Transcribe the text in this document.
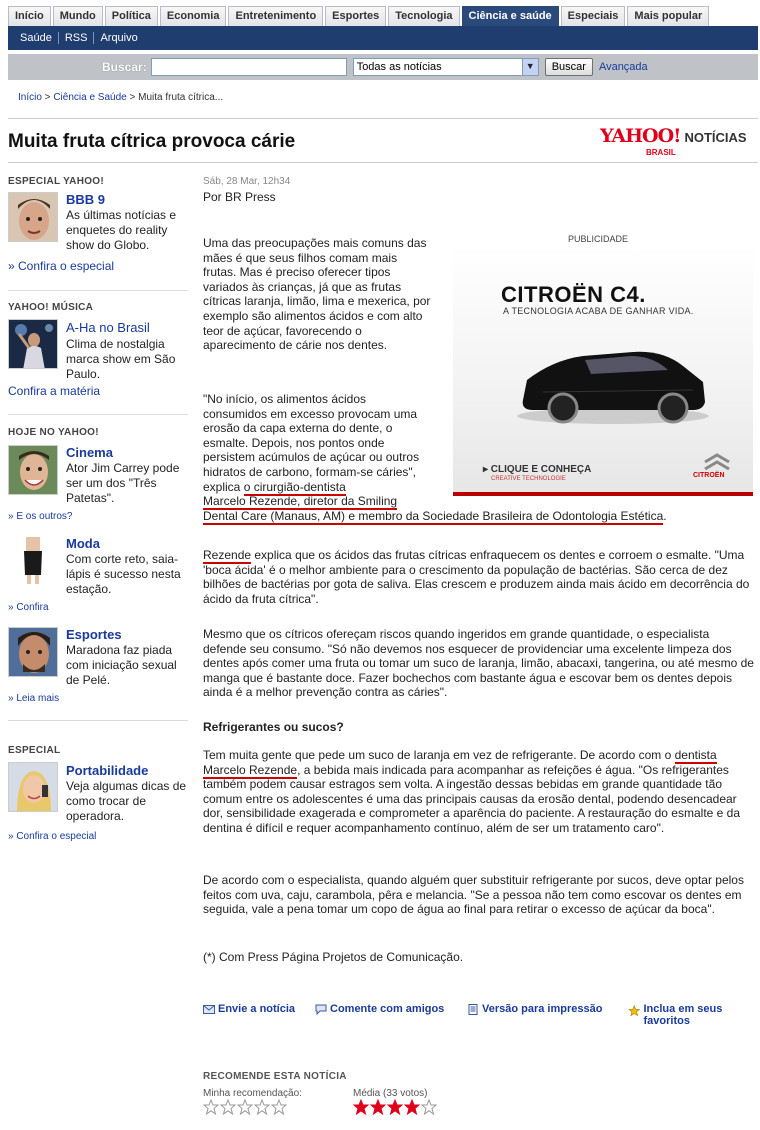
Início	Mundo	Política	Economia	Entretenimento	Esportes	Tecnologia	Ciência e saúde	Especiais	Mais popular
Saúde	RSS	Arquivo
Buscar:	Todas as notícias	▼	Buscar	Avançada
Início > Ciência e Saúde > Muita fruta cítrica...
Muita fruta cítrica provoca cárie	YAHOO!
BRASIL
NOTÍCIAS
ESPECIAL YAHOO!
BBB 9
As últimas notícias e enquetes do reality show do Globo.
» Confira o especial
YAHOO! MÚSICA
A-Ha no Brasil
Clima de nostalgia marca show em São Paulo.
Confira a matéria
HOJE NO YAHOO!
Cinema
Ator Jim Carrey pode ser um dos "Três Patetas".
» E os outros?
Moda
Com corte reto, saia-lápis é sucesso nesta estação.
» Confira
Esportes
Maradona faz piada com iniciação sexual de Pelé.
» Leia mais
ESPECIAL
Portabilidade
Veja algumas dicas de como trocar de operadora.
» Confira o especial
Sáb, 28 Mar, 12h34
Por BR Press

Uma das preocupações mais comuns das mães é que seus filhos comam mais frutas. Mas é preciso oferecer tipos variados às crianças, já que as frutas cítricas laranja, limão, lima e mexerica, por exemplo são alimentos ácidos e com alto teor de açúcar, favorecendo o aparecimento de cárie nos dentes.

"No início, os alimentos ácidos consumidos em excesso provocam uma erosão da capa externa do dente, o esmalte. Depois, nos pontos onde persistem acúmulos de açúcar ou outros hidratos de carbono, formam-se cáries", explica o cirurgião-dentista
Marcelo Rezende, diretor da Smiling
Dental Care (Manaus, AM) e membro da Sociedade Brasileira de Odontologia Estética.

Rezende explica que os ácidos das frutas cítricas enfraquecem os dentes e corroem o esmalte. "Uma 'boca ácida' é o melhor ambiente para o crescimento da população de bactérias. São cerca de dez bilhões de bactérias por gota de saliva. Elas crescem e produzem ainda mais ácido em decorrência do ácido da fruta cítrica".

Mesmo que os cítricos ofereçam riscos quando ingeridos em grande quantidade, o especialista defende seu consumo. "Só não devemos nos esquecer de providenciar uma excelente limpeza dos dentes após comer uma fruta ou tomar um suco de laranja, limão, abacaxi, tangerina, ou até mesmo de manga que é bastante doce. Fazer bochechos com bastante água e escovar bem os dentes depois ainda é a melhor prevenção contra as cáries".

Refrigerantes ou sucos?

Tem muita gente que pede um suco de laranja em vez de refrigerante. De acordo com o dentista Marcelo Rezende, a bebida mais indicada para acompanhar as refeições é água. "Os refrigerantes também podem causar estragos sem volta. A ingestão dessas bebidas em grande quantidade tão comum entre os adolescentes é uma das principais causas da erosão dental, podendo desencadear dor, sensibilidade exagerada e comprometer a aparência do paciente. A restauração do esmalte e da dentina é difícil e requer acompanhamento contínuo, além de ser um tratamento caro".

De acordo com o especialista, quando alguém quer substituir refrigerante por sucos, deve optar pelos feitos com uva, caju, carambola, pêra e melancia. "Se a pessoa não tem como escovar os dentes em seguida, vale a pena tomar um copo de água ao final para retirar o excesso de açúcar da boca".

(*) Com Press Página Projetos de Comunicação.

PUBLICIDADE
CITROËN C4.
A TECNOLOGIA ACABA DE GANHAR VIDA.
▸ CLIQUE E CONHEÇA
CREATIVE TECHNOLOGIE	CITROËN
Envie a notícia	Comente com amigos	Versão para impressão	Inclua em seus favoritos
RECOMENDE ESTA NOTÍCIA
Minha recomendação:	Média (33 votos)
